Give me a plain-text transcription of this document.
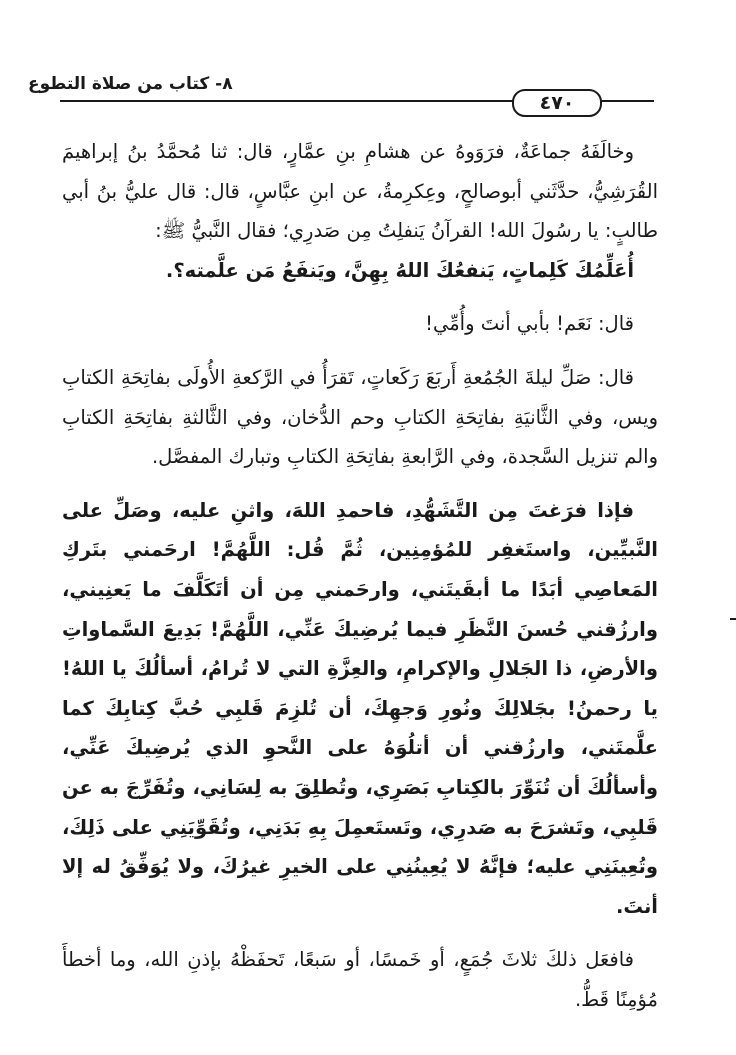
٨- كتاب من صلاة التطوع
٤٧٠

وخالَفَهُ جماعَةٌ، فرَوَوهُ عن هشامِ بنِ عمَّارٍ، قال: ثنا مُحمَّدُ بنُ إبراهيمَ القُرَشِيُّ، حدَّثَني أبوصالحٍ، وعِكرِمةُ، عن ابنِ عبَّاسٍ، قال: قال عليُّ بنُ أبي طالبٍ: يا رسُولَ الله! القرآنُ يَنفلِتُ مِن صَدرِي؛ فقال النَّبيُّ ﷺ:

أُعَلِّمُكَ كَلِماتٍ، يَنفعُكَ اللهُ بِهِنَّ، ويَنفَعُ مَن علَّمته؟.

قال: نَعَم! بأبي أنتَ وأُمِّي!

قال: صَلِّ ليلةَ الجُمُعةِ أَربَعَ رَكَعاتٍ، تَقرَأُ في الرَّكعةِ الأُولَى بفاتِحَةِ الكتابِ ويس، وفي الثَّانيَةِ بفاتِحَةِ الكتابِ وحم الدُّخان، وفي الثَّالثةِ بفاتِحَةِ الكتابِ والم تنزيل السَّجدة، وفي الرَّابعةِ بفاتِحَةِ الكتابِ وتبارك المفصَّل.

فإذا فرَغتَ مِن التَّشَهُّدِ، فاحمدِ اللهَ، واثنِ عليه، وصَلِّ على النَّبيِّين، واستَغفِر للمُؤمِنِين، ثُمَّ قُل: اللَّهُمَّ! ارحَمني بتَركِ المَعاصِي أبَدًا ما أبقَيتَني، وارحَمني مِن أن أتَكَلَّفَ ما يَعنِيني، وارزُقني حُسنَ النَّظَرِ فيما يُرضِيكَ عَنِّي، اللَّهُمَّ! بَدِيعَ السَّماواتِ والأرضِ، ذا الجَلالِ والإكرامِ، والعِزَّةِ التي لا تُرامُ، أسألُكَ يا اللهُ! يا رحمنُ! بجَلالِكَ ونُورِ وَجهِكَ، أن تُلزِمَ قَلبِي حُبَّ كِتابِكَ كما علَّمتَني، وارزُقني أن أتلُوَهُ على النَّحوِ الذي يُرضِيكَ عَنِّي، وأسألُكَ أن تُنَوِّرَ بالكِتابِ بَصَرِي، وتُطلِقَ به لِسَانِي، وتُفَرِّجَ به عن قَلبِي، وتَشرَحَ به صَدرِي، وتَستَعمِلَ بِهِ بَدَنِي، وتُقَوِّيَنِي على ذَلِكَ، وتُعِينَنِي عليه؛ فإنَّهُ لا يُعِينُنِي على الخيرِ غيرُكَ، ولا يُوَفِّقُ له إلا أنتَ.

فافعَل ذلكَ ثلاثَ جُمَعٍ، أو خَمسًا، أو سَبعًا، تَحفَظْهُ بإذنِ الله، وما أخطأَ مُؤمِنًا قَطُّ.
